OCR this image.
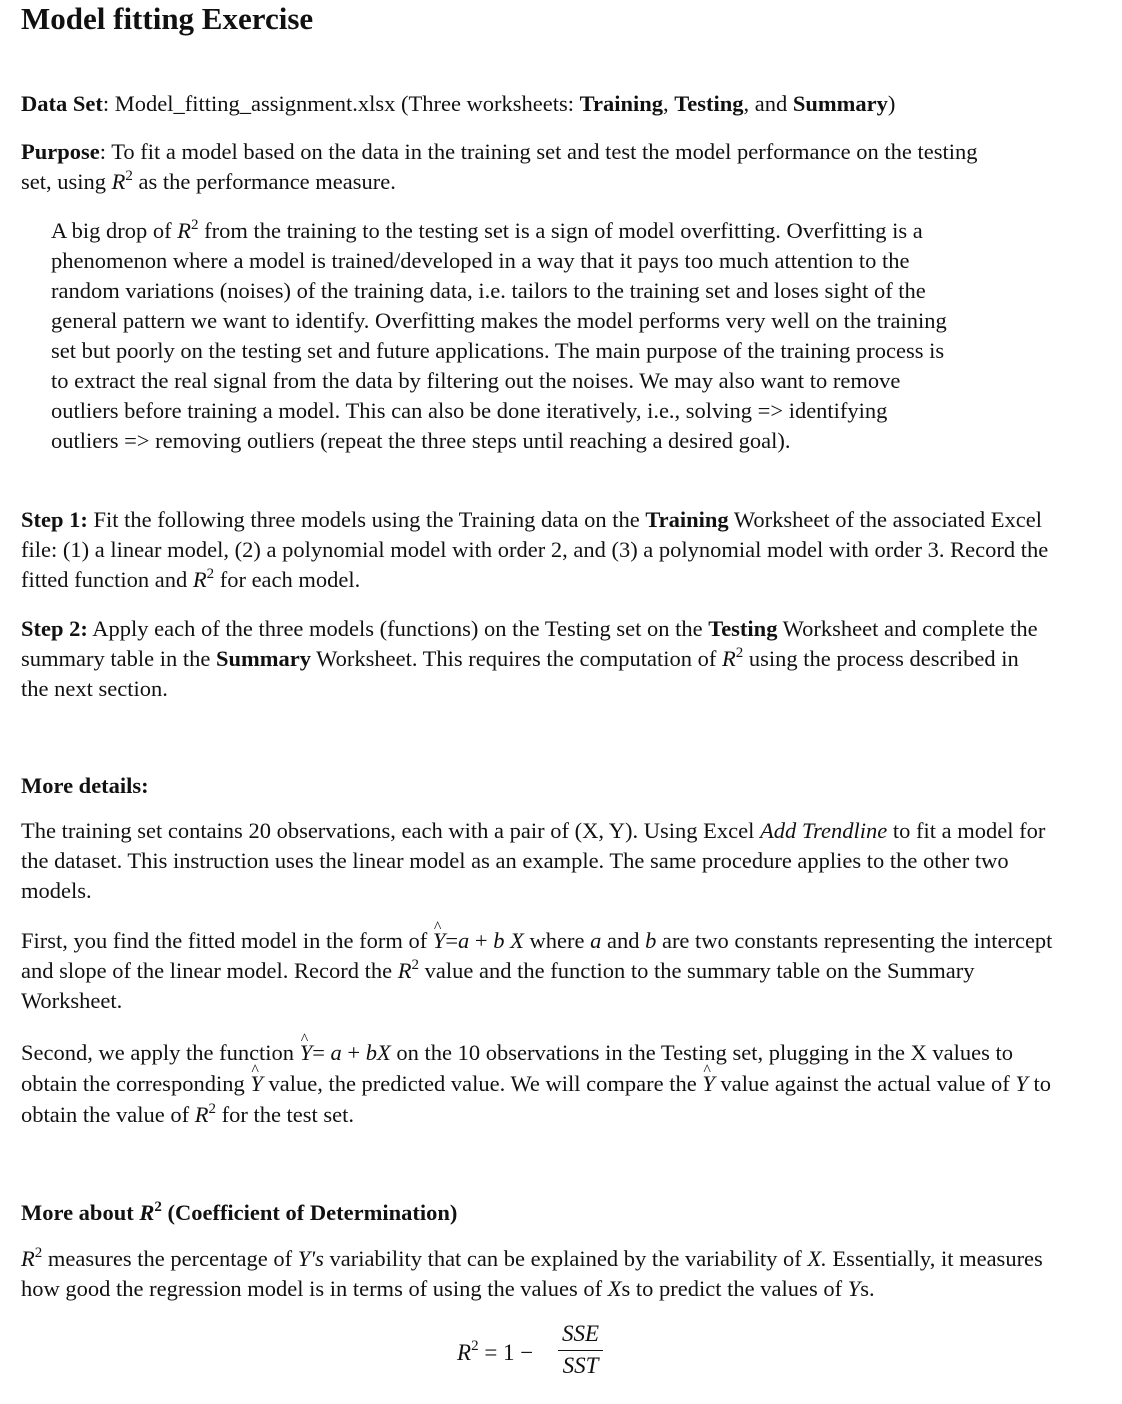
Model fitting Exercise

Data Set: Model_fitting_assignment.xlsx (Three worksheets: Training, Testing, and Summary)

Purpose: To fit a model based on the data in the training set and test the model performance on the testing set, using $R^2$ as the performance measure.

A big drop of $R^2$ from the training to the testing set is a sign of model overfitting. Overfitting is a phenomenon where a model is trained/developed in a way that it pays too much attention to the random variations (noises) of the training data, i.e. tailors to the training set and loses sight of the general pattern we want to identify. Overfitting makes the model performs very well on the training set but poorly on the testing set and future applications. The main purpose of the training process is to extract the real signal from the data by filtering out the noises. We may also want to remove outliers before training a model. This can also be done iteratively, i.e., solving => identifying outliers => removing outliers (repeat the three steps until reaching a desired goal).

Step 1: Fit the following three models using the Training data on the Training Worksheet of the associated Excel file: (1) a linear model, (2) a polynomial model with order 2, and (3) a polynomial model with order 3. Record the fitted function and $R^2$ for each model.

Step 2: Apply each of the three models (functions) on the Testing set on the Testing Worksheet and complete the summary table in the Summary Worksheet. This requires the computation of $R^2$ using the process described in the next section.

More details:

The training set contains 20 observations, each with a pair of (X, Y). Using Excel Add Trendline to fit a model for the dataset. This instruction uses the linear model as an example. The same procedure applies to the other two models.

First, you find the fitted model in the form of ^ Y=a + b X where a and b are two constants representing the intercept and slope of the linear model. Record the $R^2$ value and the function to the summary table on the Summary Worksheet.

Second, we apply the function ^ Y= a + bX on the 10 observations in the Testing set, plugging in the X values to obtain the corresponding ^ Y value, the predicted value. We will compare the ^ Y value against the actual value of Y to obtain the value of $R^2$ for the test set.

More about $R^2$ (Coefficient of Determination)

$R^2$ measures the percentage of Y's variability that can be explained by the variability of X. Essentially, it measures how good the regression model is in terms of using the values of Xs to predict the values of Ys.

$R^2 = 1$ −
SSE
SST
